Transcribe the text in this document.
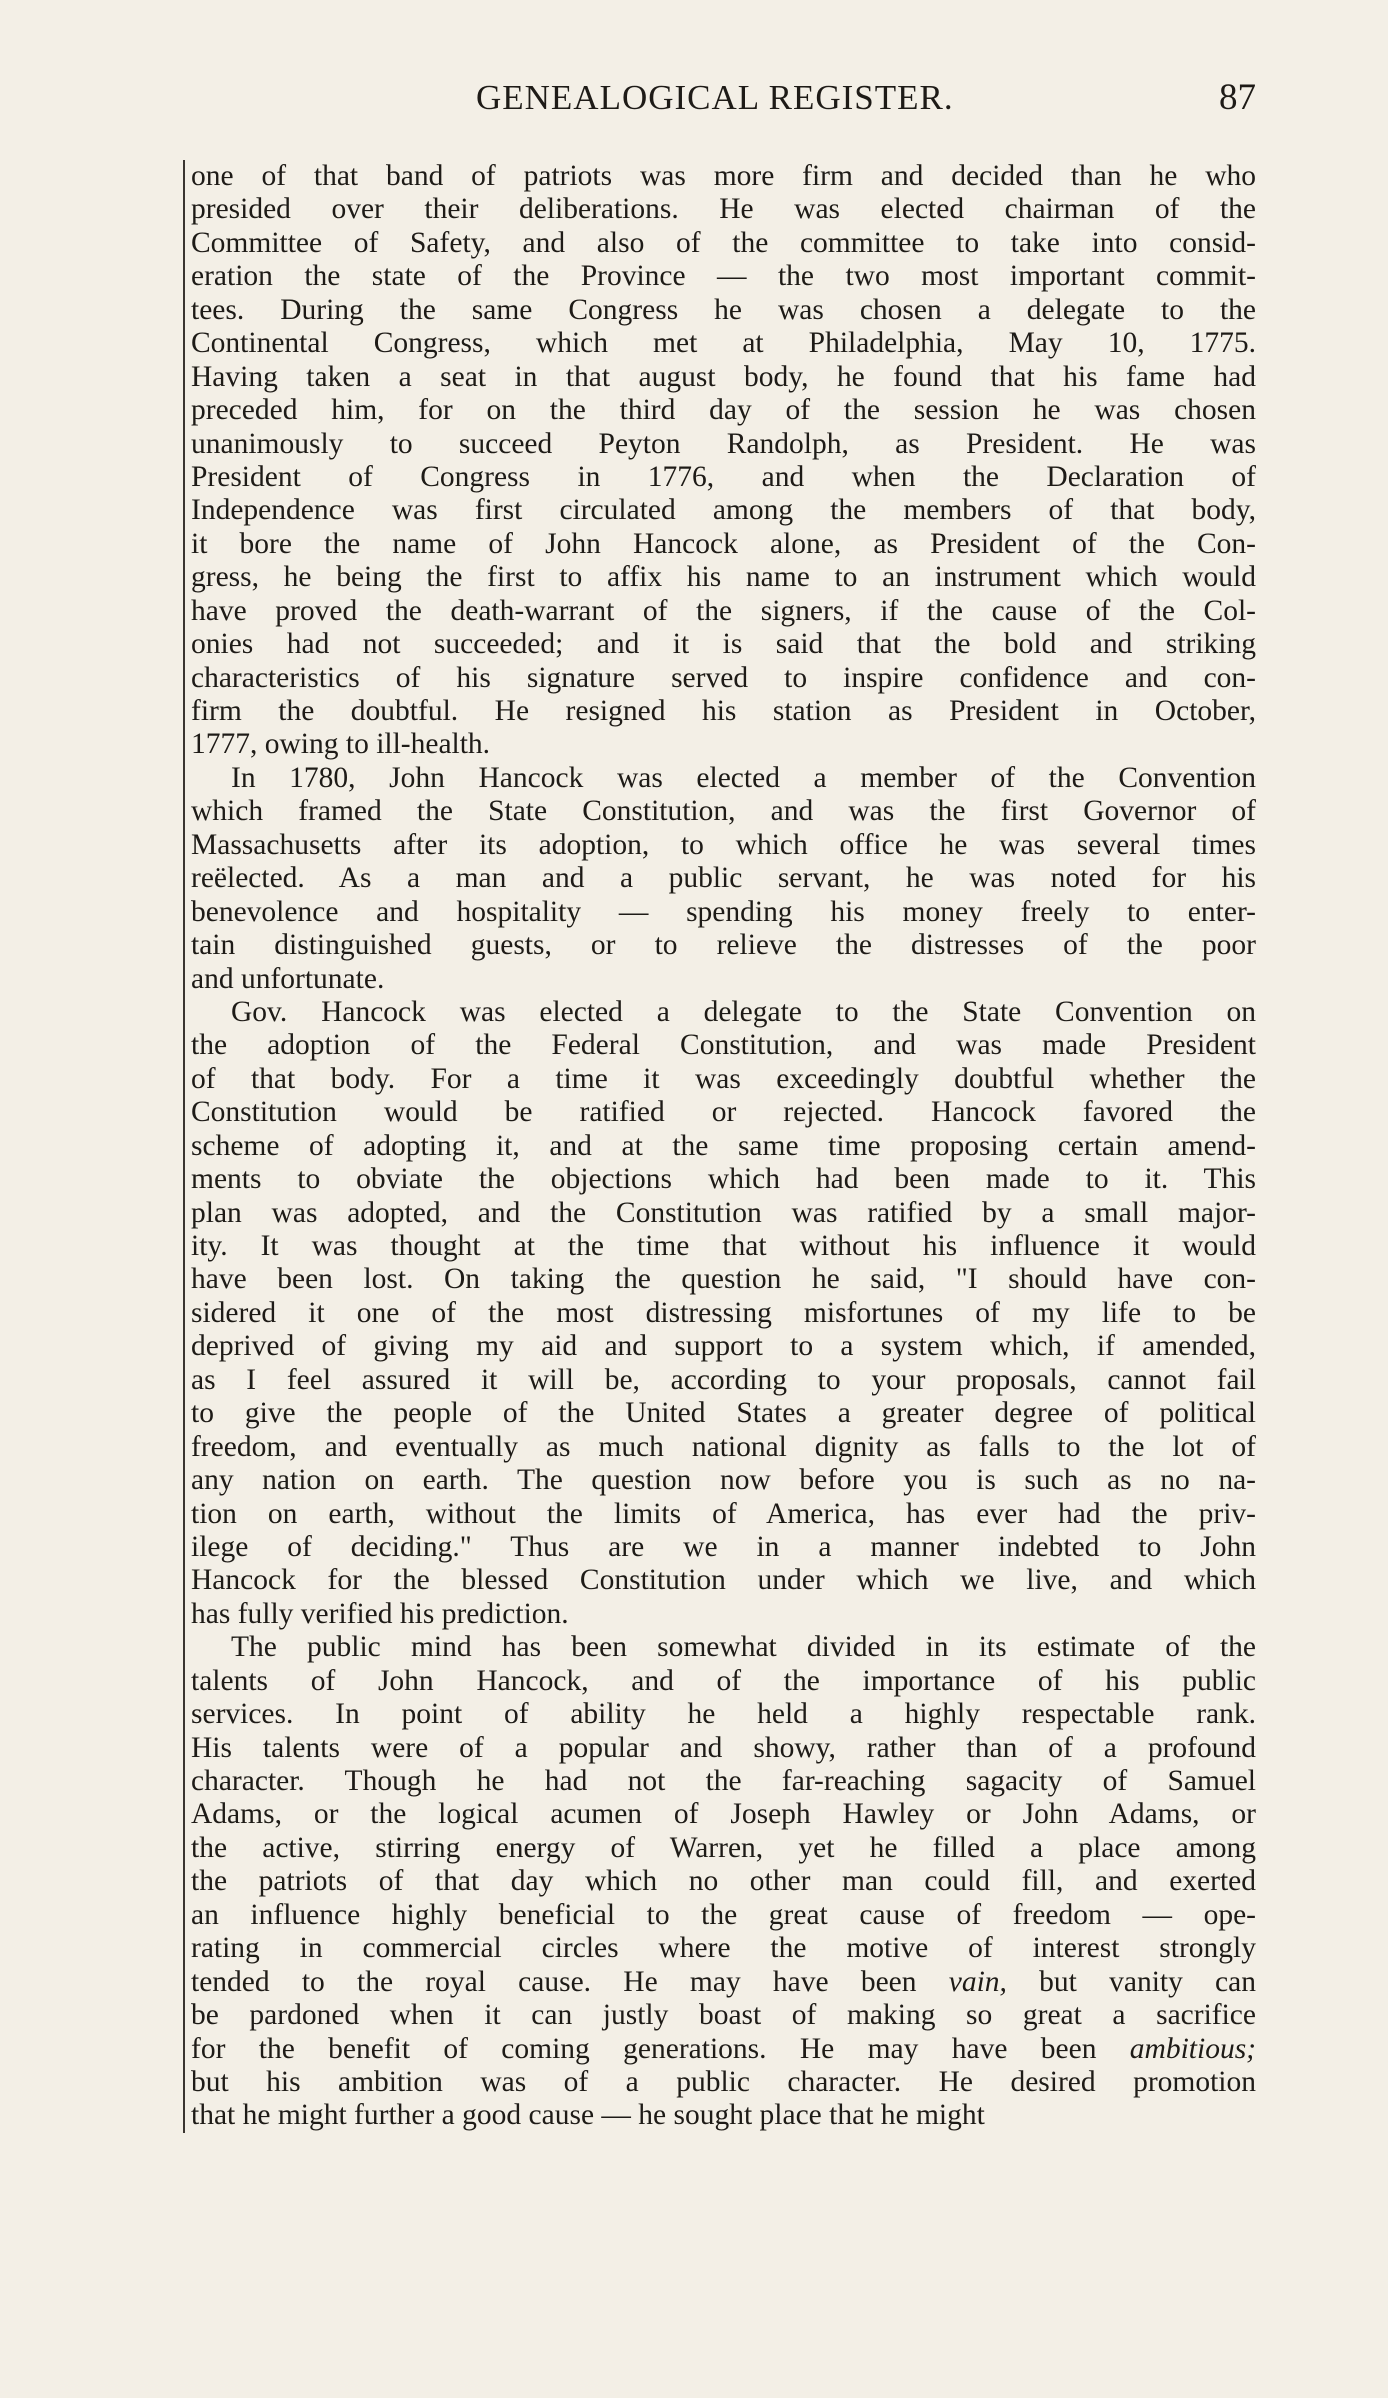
GENEALOGICAL REGISTER.	87
one of that band of patriots was more firm and decided than he who
presided over their deliberations. He was elected chairman of the
Committee of Safety, and also of the committee to take into consid-
eration the state of the Province — the two most important commit-
tees. During the same Congress he was chosen a delegate to the
Continental Congress, which met at Philadelphia, May 10, 1775.
Having taken a seat in that august body, he found that his fame had
preceded him, for on the third day of the session he was chosen
unanimously to succeed Peyton Randolph, as President. He was
President of Congress in 1776, and when the Declaration of
Independence was first circulated among the members of that body,
it bore the name of John Hancock alone, as President of the Con-
gress, he being the first to affix his name to an instrument which would
have proved the death-warrant of the signers, if the cause of the Col-
onies had not succeeded; and it is said that the bold and striking
characteristics of his signature served to inspire confidence and con-
firm the doubtful. He resigned his station as President in October,
1777, owing to ill-health.
In 1780, John Hancock was elected a member of the Convention
which framed the State Constitution, and was the first Governor of
Massachusetts after its adoption, to which office he was several times
reëlected. As a man and a public servant, he was noted for his
benevolence and hospitality — spending his money freely to enter-
tain distinguished guests, or to relieve the distresses of the poor
and unfortunate.
Gov. Hancock was elected a delegate to the State Convention on
the adoption of the Federal Constitution, and was made President
of that body. For a time it was exceedingly doubtful whether the
Constitution would be ratified or rejected. Hancock favored the
scheme of adopting it, and at the same time proposing certain amend-
ments to obviate the objections which had been made to it. This
plan was adopted, and the Constitution was ratified by a small major-
ity. It was thought at the time that without his influence it would
have been lost. On taking the question he said, "I should have con-
sidered it one of the most distressing misfortunes of my life to be
deprived of giving my aid and support to a system which, if amended,
as I feel assured it will be, according to your proposals, cannot fail
to give the people of the United States a greater degree of political
freedom, and eventually as much national dignity as falls to the lot of
any nation on earth. The question now before you is such as no na-
tion on earth, without the limits of America, has ever had the priv-
ilege of deciding." Thus are we in a manner indebted to John
Hancock for the blessed Constitution under which we live, and which
has fully verified his prediction.
The public mind has been somewhat divided in its estimate of the
talents of John Hancock, and of the importance of his public
services. In point of ability he held a highly respectable rank.
His talents were of a popular and showy, rather than of a profound
character. Though he had not the far-reaching sagacity of Samuel
Adams, or the logical acumen of Joseph Hawley or John Adams, or
the active, stirring energy of Warren, yet he filled a place among
the patriots of that day which no other man could fill, and exerted
an influence highly beneficial to the great cause of freedom — ope-
rating in commercial circles where the motive of interest strongly
tended to the royal cause. He may have been vain, but vanity can
be pardoned when it can justly boast of making so great a sacrifice
for the benefit of coming generations. He may have been ambitious;
but his ambition was of a public character. He desired promotion
that he might further a good cause — he sought place that he might
